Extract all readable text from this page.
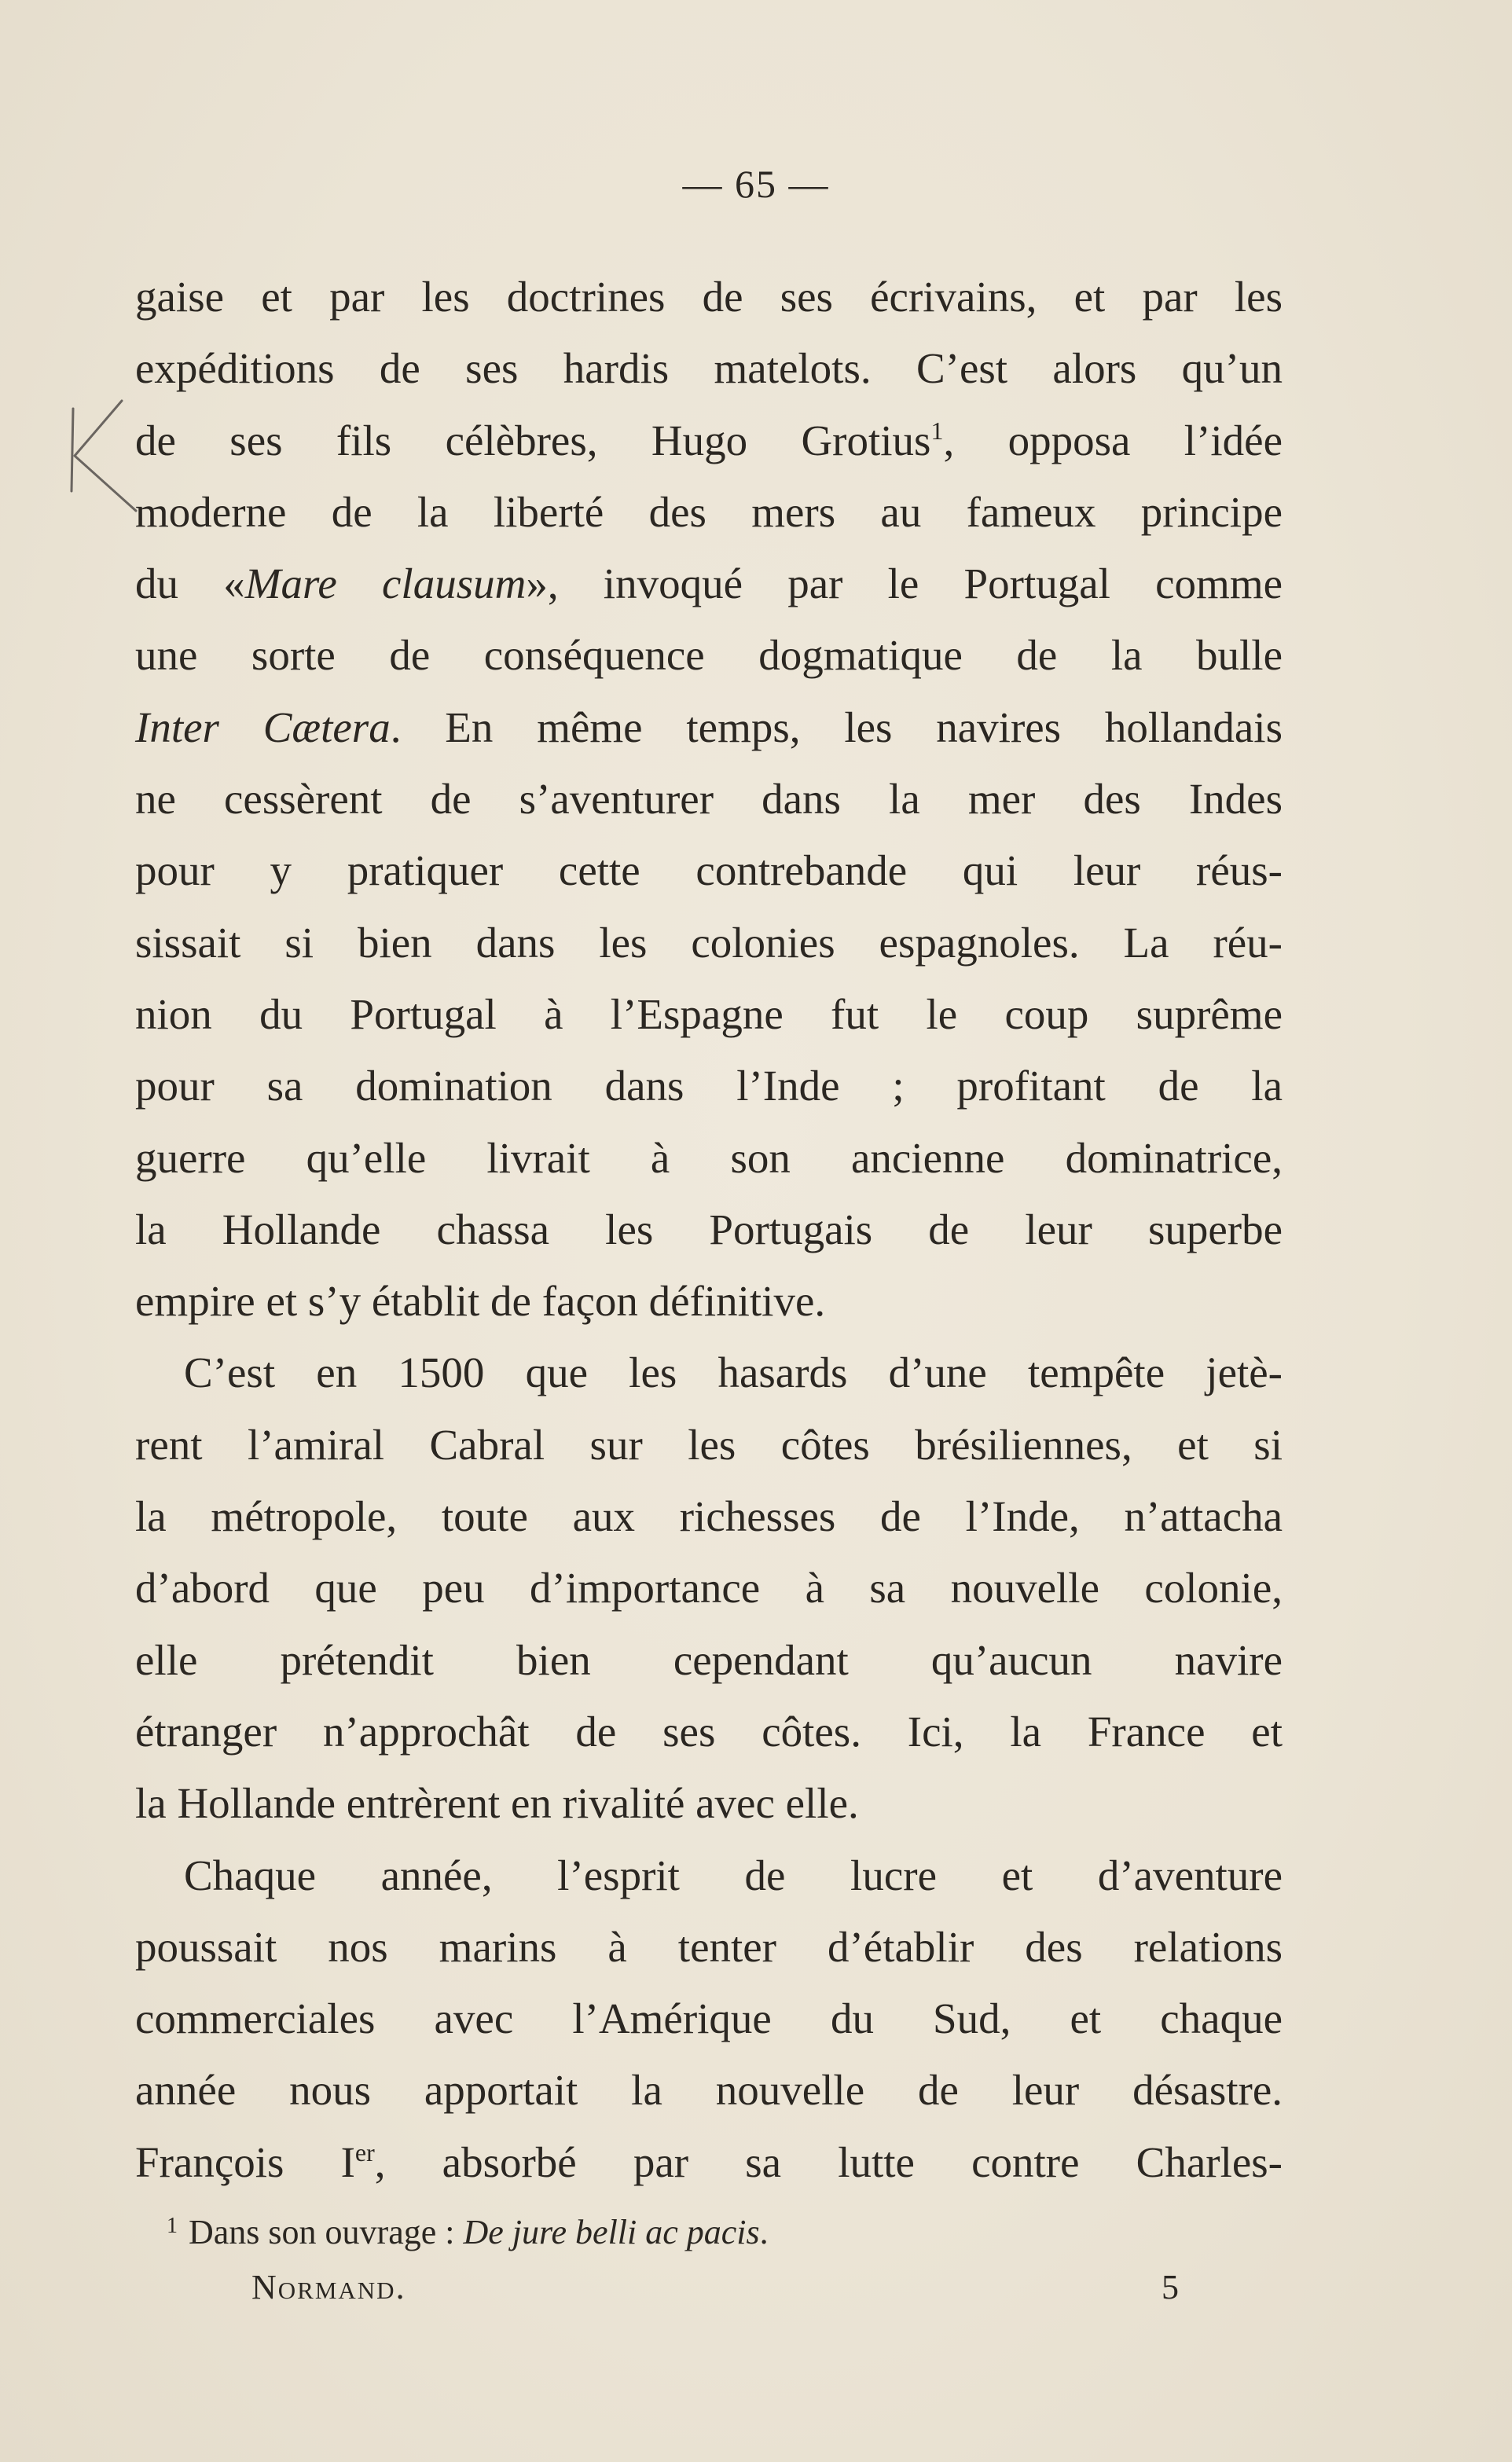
— 65 —
gaise et par les doctrines de ses écrivains, et par les
expéditions de ses hardis matelots. C’est alors qu’un
de ses fils célèbres, Hugo Grotius$^1$, opposa l’idée
moderne de la liberté des mers au fameux principe
du «Mare clausum», invoqué par le Portugal comme
une sorte de conséquence dogmatique de la bulle
Inter Cætera. En même temps, les navires hollandais
ne cessèrent de s’aventurer dans la mer des Indes
pour y pratiquer cette contrebande qui leur réus-
sissait si bien dans les colonies espagnoles. La réu-
nion du Portugal à l’Espagne fut le coup suprême
pour sa domination dans l’Inde ; profitant de la
guerre qu’elle livrait à son ancienne dominatrice,
la Hollande chassa les Portugais de leur superbe
empire et s’y établit de façon définitive.
C’est en 1500 que les hasards d’une tempête jetè-
rent l’amiral Cabral sur les côtes brésiliennes, et si
la métropole, toute aux richesses de l’Inde, n’attacha
d’abord que peu d’importance à sa nouvelle colonie,
elle prétendit bien cependant qu’aucun navire
étranger n’approchât de ses côtes. Ici, la France et
la Hollande entrèrent en rivalité avec elle.
Chaque année, l’esprit de lucre et d’aventure
poussait nos marins à tenter d’établir des relations
commerciales avec l’Amérique du Sud, et chaque
année nous apportait la nouvelle de leur désastre.
François Ier, absorbé par sa lutte contre Charles-
$^1$ Dans son ouvrage : De jure belli ac pacis.
Normand.	5
